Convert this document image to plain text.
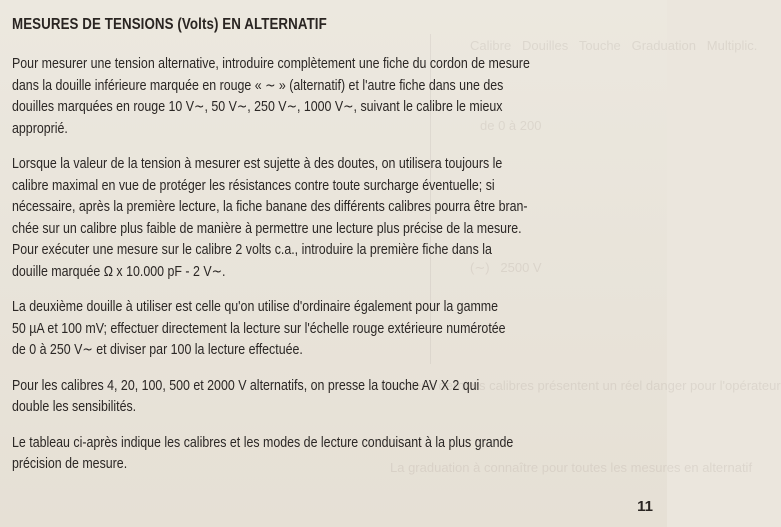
Calibre   Douilles   Touche   Graduation   Multiplic.
de 0 à 200
(∼)   2500 V
Ces deux derniers calibres présentent un réel danger pour l'opérateur
La graduation à connaître pour toutes les mesures en alternatif
MESURES DE TENSIONS (Volts) EN ALTERNATIF

Pour mesurer une tension alternative, introduire complètement une fiche du cordon de mesure
dans la douille inférieure marquée en rouge « ∼ » (alternatif) et l'autre fiche dans une des
douilles marquées en rouge 10 V∼, 50 V∼, 250 V∼, 1000 V∼, suivant le calibre le mieux
approprié.

Lorsque la valeur de la tension à mesurer est sujette à des doutes, on utilisera toujours le
calibre maximal en vue de protéger les résistances contre toute surcharge éventuelle; si
nécessaire, après la première lecture, la fiche banane des différents calibres pourra être bran-
chée sur un calibre plus faible de manière à permettre une lecture plus précise de la mesure.
Pour exécuter une mesure sur le calibre 2 volts c.a., introduire la première fiche dans la
douille marquée Ω x 10.000 pF - 2 V∼.

La deuxième douille à utiliser est celle qu'on utilise d'ordinaire également pour la gamme
50 µA et 100 mV; effectuer directement la lecture sur l'échelle rouge extérieure numérotée
de 0 à 250 V∼ et diviser par 100 la lecture effectuée.

Pour les calibres 4, 20, 100, 500 et 2000 V alternatifs, on presse la touche AV X 2 qui
double les sensibilités.

Le tableau ci-après indique les calibres et les modes de lecture conduisant à la plus grande
précision de mesure.

11
